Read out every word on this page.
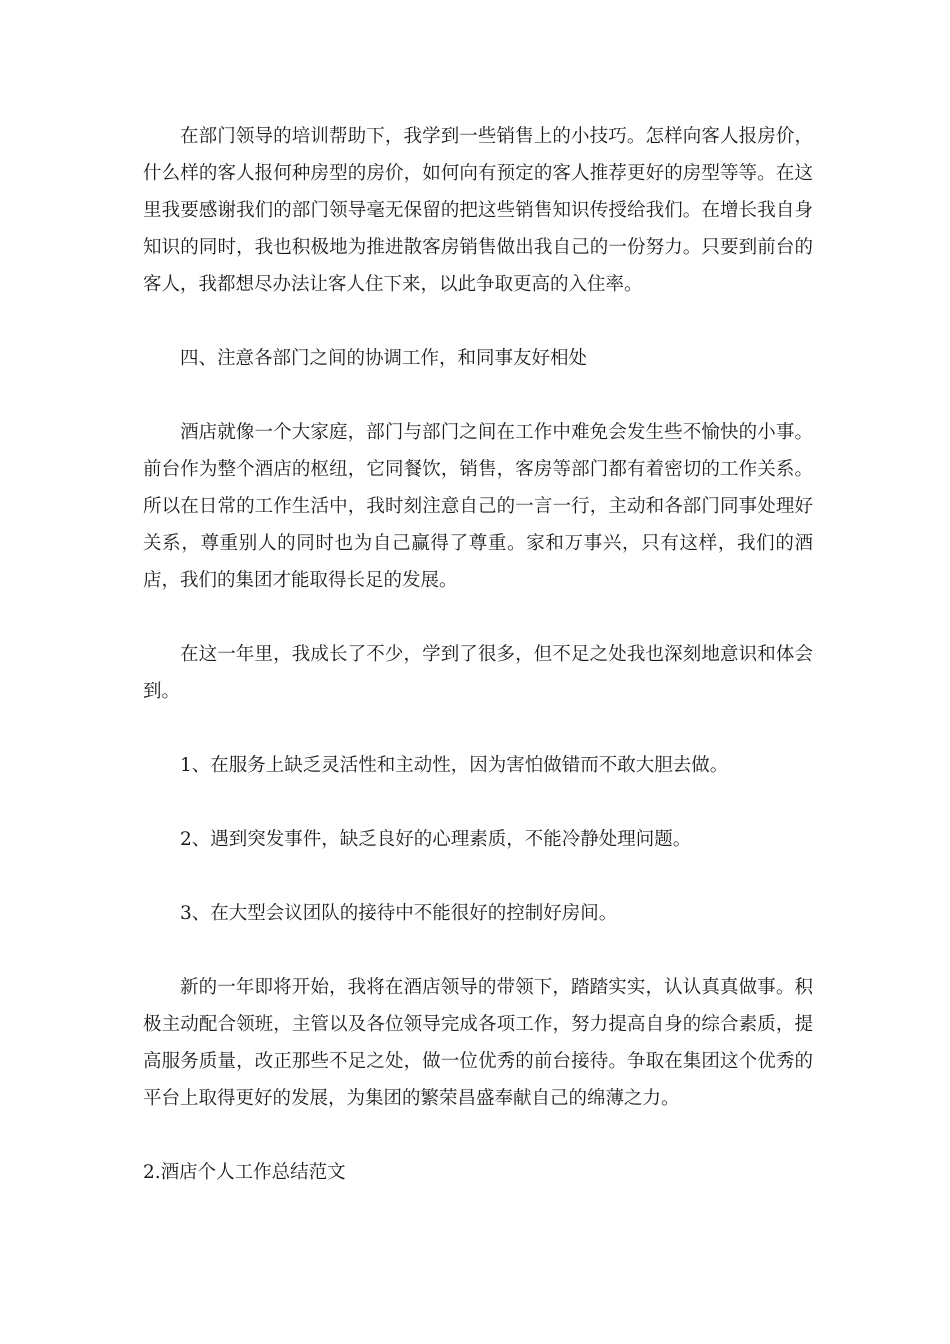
在部门领导的培训帮助下，我学到一些销售上的小技巧。怎样向客人报房价，什么样的客人报何种房型的房价，如何向有预定的客人推荐更好的房型等等。在这里我要感谢我们的部门领导毫无保留的把这些销售知识传授给我们。在增长我自身知识的同时，我也积极地为推进散客房销售做出我自己的一份努力。只要到前台的客人，我都想尽办法让客人住下来，以此争取更高的入住率。

四、注意各部门之间的协调工作，和同事友好相处

酒店就像一个大家庭，部门与部门之间在工作中难免会发生些不愉快的小事。前台作为整个酒店的枢纽，它同餐饮，销售，客房等部门都有着密切的工作关系。所以在日常的工作生活中，我时刻注意自己的一言一行，主动和各部门同事处理好关系，尊重别人的同时也为自己赢得了尊重。家和万事兴，只有这样，我们的酒店，我们的集团才能取得长足的发展。

在这一年里，我成长了不少，学到了很多，但不足之处我也深刻地意识和体会到。

1、在服务上缺乏灵活性和主动性，因为害怕做错而不敢大胆去做。

2、遇到突发事件，缺乏良好的心理素质，不能冷静处理问题。

3、在大型会议团队的接待中不能很好的控制好房间。

新的一年即将开始，我将在酒店领导的带领下，踏踏实实，认认真真做事。积极主动配合领班，主管以及各位领导完成各项工作，努力提高自身的综合素质，提高服务质量，改正那些不足之处，做一位优秀的前台接待。争取在集团这个优秀的平台上取得更好的发展，为集团的繁荣昌盛奉献自己的绵薄之力。

2.酒店个人工作总结范文
